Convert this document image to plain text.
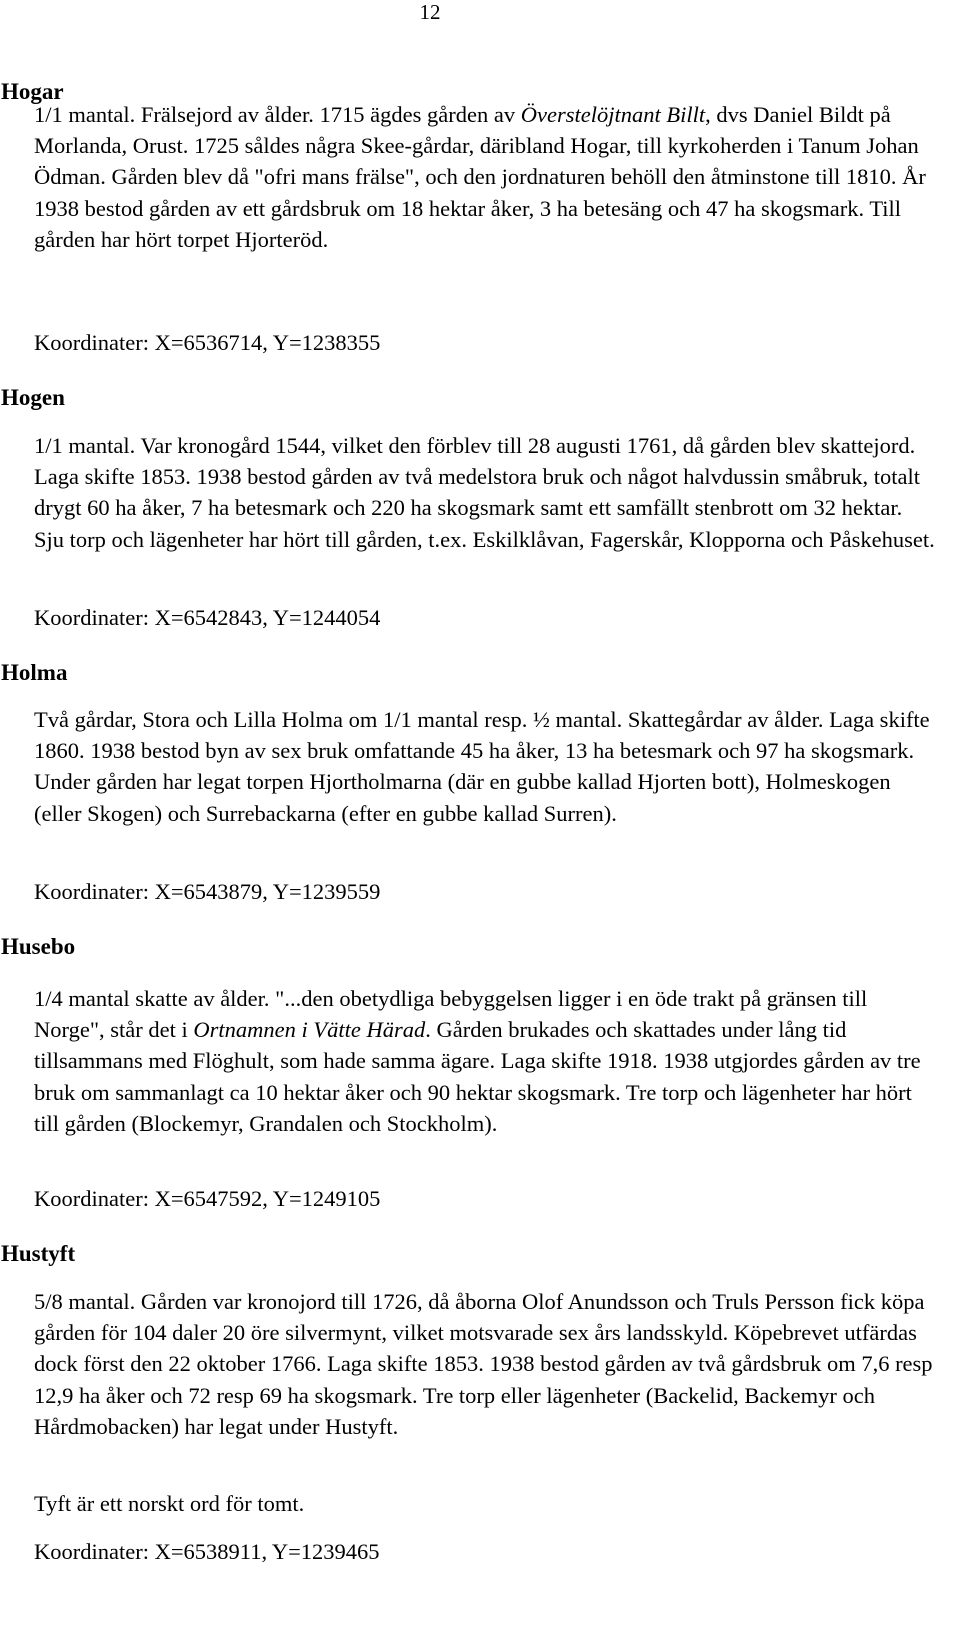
12
Hogar

1/1 mantal. Frälsejord av ålder. 1715 ägdes gården av Överstelöjtnant Billt, dvs Daniel Bildt på Morlanda, Orust. 1725 såldes några Skee-gårdar, däribland Hogar, till kyrkoherden i Tanum Johan Ödman. Gården blev då "ofri mans frälse", och den jordnaturen behöll den åtminstone till 1810. År 1938 bestod gården av ett gårdsbruk om 18 hektar åker, 3 ha betesäng och 47 ha skogsmark. Till gården har hört torpet Hjorteröd.

Koordinater: X=6536714, Y=1238355

Hogen

1/1 mantal. Var kronogård 1544, vilket den förblev till 28 augusti 1761, då gården blev skattejord. Laga skifte 1853. 1938 bestod gården av två medelstora bruk och något halvdussin småbruk, totalt drygt 60 ha åker, 7 ha betesmark och 220 ha skogsmark samt ett samfällt stenbrott om 32 hektar. Sju torp och lägenheter har hört till gården, t.ex. Eskilklåvan, Fagerskår, Klopporna och Påskehuset.

Koordinater: X=6542843, Y=1244054

Holma

Två gårdar, Stora och Lilla Holma om 1/1 mantal resp. ½ mantal. Skattegårdar av ålder. Laga skifte 1860. 1938 bestod byn av sex bruk omfattande 45 ha åker, 13 ha betesmark och 97 ha skogsmark. Under gården har legat torpen Hjortholmarna (där en gubbe kallad Hjorten bott), Holmeskogen (eller Skogen) och Surrebackarna (efter en gubbe kallad Surren).

Koordinater: X=6543879, Y=1239559

Husebo

1/4 mantal skatte av ålder. "...den obetydliga bebyggelsen ligger i en öde trakt på gränsen till Norge", står det i Ortnamnen i Vätte Härad. Gården brukades och skattades under lång tid tillsammans med Flöghult, som hade samma ägare. Laga skifte 1918. 1938 utgjordes gården av tre bruk om sammanlagt ca 10 hektar åker och 90 hektar skogsmark. Tre torp och lägenheter har hört till gården (Blockemyr, Grandalen och Stockholm).

Koordinater: X=6547592, Y=1249105

Hustyft

5/8 mantal. Gården var kronojord till 1726, då åborna Olof Anundsson och Truls Persson fick köpa gården för 104 daler 20 öre silvermynt, vilket motsvarade sex års landsskyld. Köpebrevet utfärdas dock först den 22 oktober 1766. Laga skifte 1853. 1938 bestod gården av två gårdsbruk om 7,6 resp 12,9 ha åker och 72 resp 69 ha skogsmark. Tre torp eller lägenheter (Backelid, Backemyr och Hårdmobacken) har legat under Hustyft.

Tyft är ett norskt ord för tomt.

Koordinater: X=6538911, Y=1239465
